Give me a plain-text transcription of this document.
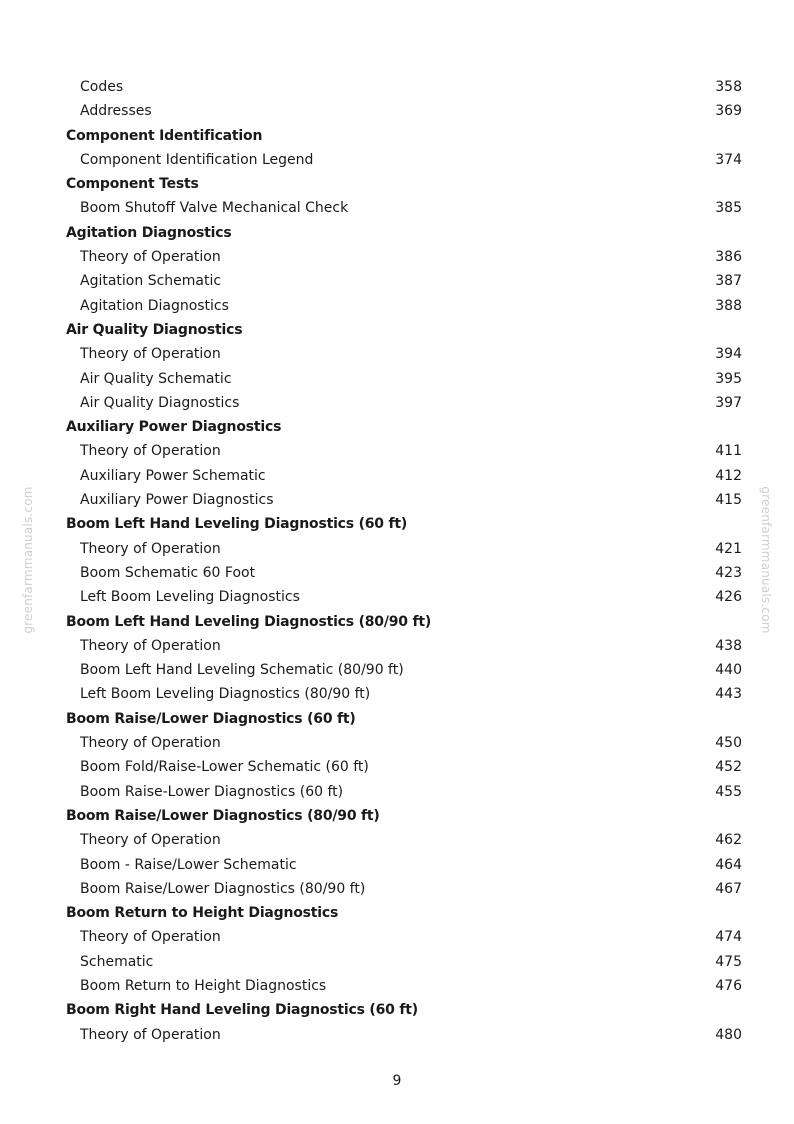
greenfarmmanuals.com	greenfarmmanuals.com
Codes	358
Addresses	369
Component Identification
Component Identification Legend	374
Component Tests
Boom Shutoff Valve Mechanical Check	385
Agitation Diagnostics
Theory of Operation	386
Agitation Schematic	387
Agitation Diagnostics	388
Air Quality Diagnostics
Theory of Operation	394
Air Quality Schematic	395
Air Quality Diagnostics	397
Auxiliary Power Diagnostics
Theory of Operation	411
Auxiliary Power Schematic	412
Auxiliary Power Diagnostics	415
Boom Left Hand Leveling Diagnostics (60 ft)
Theory of Operation	421
Boom Schematic 60 Foot	423
Left Boom Leveling Diagnostics	426
Boom Left Hand Leveling Diagnostics (80/90 ft)
Theory of Operation	438
Boom Left Hand Leveling Schematic (80/90 ft)	440
Left Boom Leveling Diagnostics (80/90 ft)	443
Boom Raise/Lower Diagnostics (60 ft)
Theory of Operation	450
Boom Fold/Raise-Lower Schematic (60 ft)	452
Boom Raise-Lower Diagnostics (60 ft)	455
Boom Raise/Lower Diagnostics (80/90 ft)
Theory of Operation	462
Boom - Raise/Lower Schematic	464
Boom Raise/Lower Diagnostics (80/90 ft)	467
Boom Return to Height Diagnostics
Theory of Operation	474
Schematic	475
Boom Return to Height Diagnostics	476
Boom Right Hand Leveling Diagnostics (60 ft)
Theory of Operation	480
9
